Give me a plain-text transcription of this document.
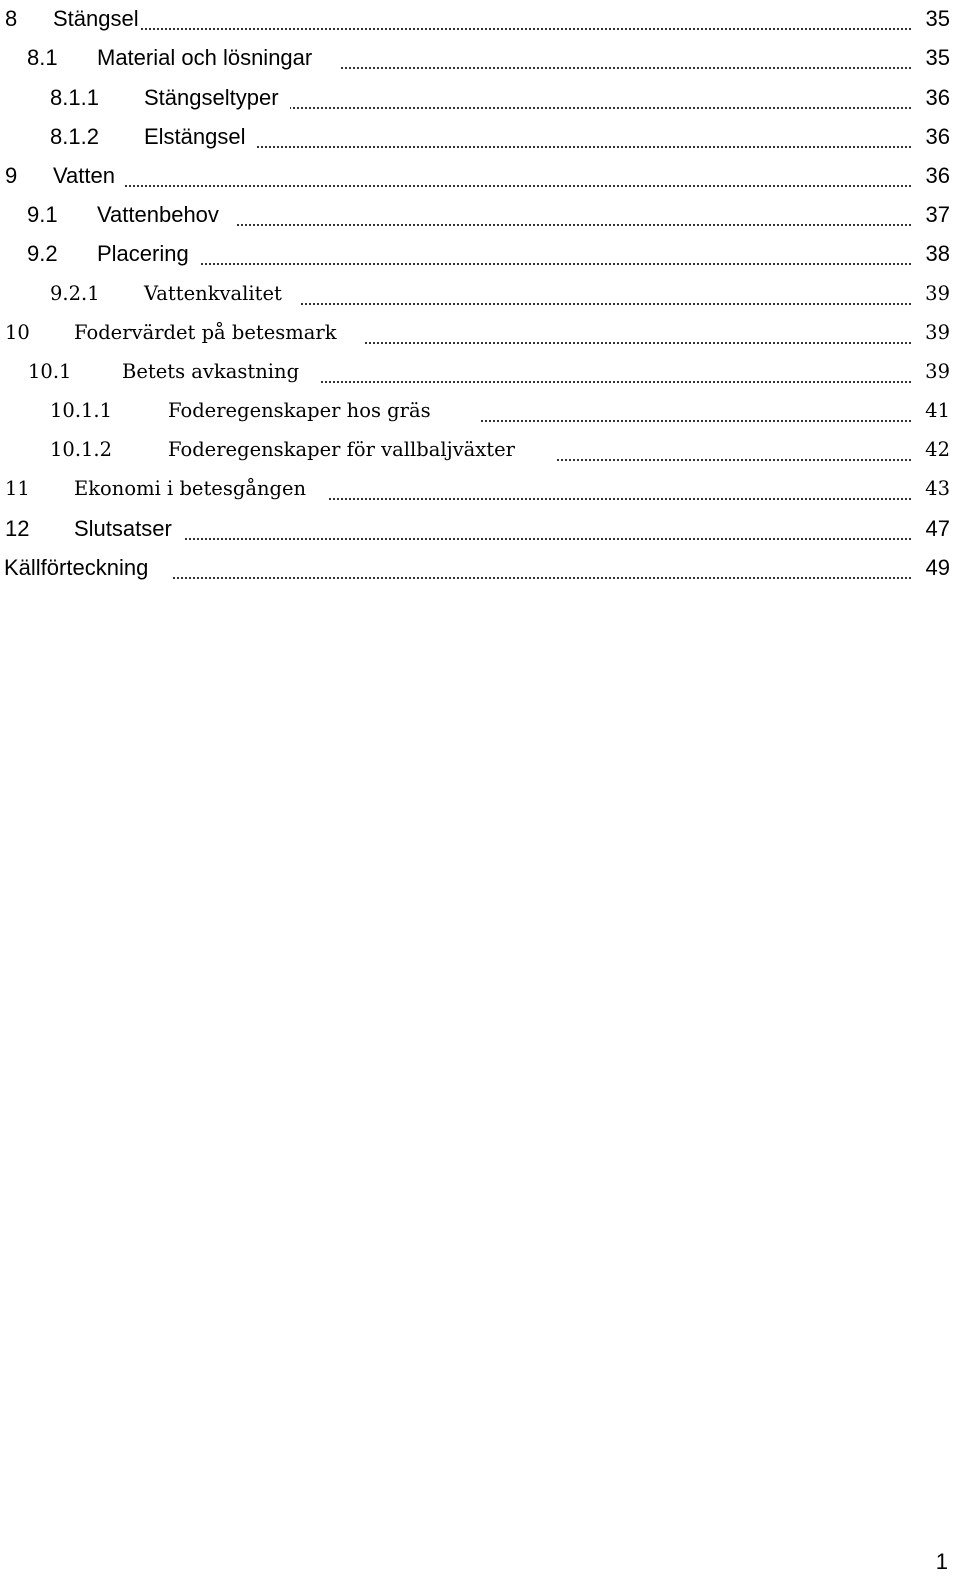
8 Stängsel	35
8.1 Material och lösningar	35
8.1.1 Stängseltyper	36
8.1.2 Elstängsel	36
9 Vatten	36
9.1 Vattenbehov	37
9.2 Placering	38
9.2.1 Vattenkvalitet	39
10 Fodervärdet på betesmark	39
10.1	Betets avkastning	39
10.1.1	Foderegenskaper hos gräs	41
10.1.2	Foderegenskaper för vallbaljväxter	42
11 Ekonomi i betesgången	43
12 Slutsatser	47
Källförteckning	49
1
